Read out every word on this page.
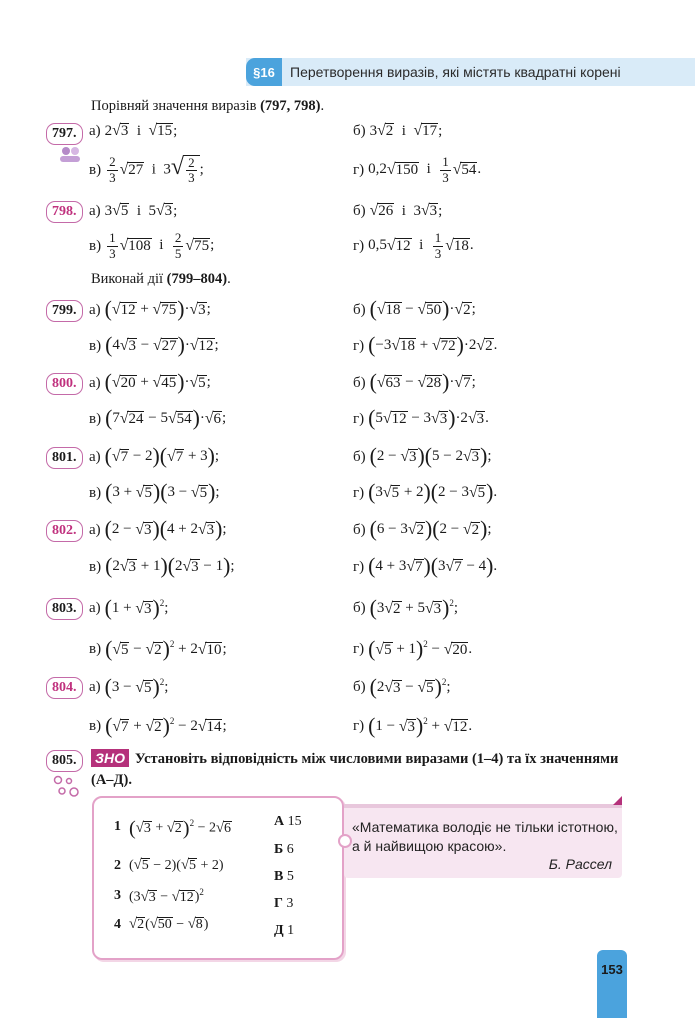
§16	Перетворення виразів, які містять квадратні корені
Порівняй значення виразів (797, 798).
797. а) 2 √ 3 і √ 15 ;	б) 3 √ 2 і √ 17 ;
$в) \frac{2}{3}$ √ 27 і  3 √ $\frac{2}{3}$ ;	г) 0,2 √ 150 і $\frac{1}{3}$ √ 54 .
798. а) 3 √ 5 і  5 √ 3 ;	б) √ 26 і  3 √ 3 ;
$в) \frac{1}{3}$ √ 108 і $\frac{2}{5}$ √ 75 ;	г) 0,5 √ 12 і $\frac{1}{3}$ √ 18 .
Виконай дії (799–804).
799. а) ( √ 12 + √ 75 )· √ 3 ;	б) ( √ 18 − √ 50 )· √ 2 ;
в) (4 √ 3 − √ 27 )· √ 12 ;	г) (−3 √ 18 + √ 72 )·2 √ 2 .
800. а) ( √ 20 + √ 45 )· √ 5 ;	б) ( √ 63 − √ 28 )· √ 7 ;
в) (7 √ 24 − 5 √ 54 )· √ 6 ;	г) (5 √ 12 − 3 √ 3 )·2 √ 3 .
801. а) ( √ 7 − 2)( √ 7 + 3);	б) (2 − √ 3 )(5 − 2 √ 3 );
в) (3 + √ 5 )(3 − √ 5 );	г) (3 √ 5 + 2)(2 − 3 √ 5 ).
802. а) (2 − √ 3 )(4 + 2 √ 3 );	б) (6 − 3 √ 2 )(2 − √ 2 );
в) (2 √ 3 + 1)(2 √ 3 − 1);	г) (4 + 3 √ 7 )(3 √ 7 − 4).
803. а) (1 + √ 3 )$^2$;	б) (3 √ 2 + 5 √ 3 )$^2$;
в) ( √ 5 − √ 2 )$^2$ + 2 √ 10 ;	г) ( √ 5 + 1)$^2$ − √ 20 .
804. а) (3 − √ 5 )$^2$;	б) (2 √ 3 − √ 5 )$^2$;
в) ( √ 7 + √ 2 )$^2$ − 2 √ 14 ;	г) (1 − √ 3 )$^2$ + √ 12 .
805.	ЗНО Установіть відповідність між числовими виразами (1–4) та їх значеннями (А–Д).
1 ( √ 3 + √ 2 )$^2$ − 2 √ 6
2 ( √ 5 − 2)( √ 5 + 2)
3 (3 √ 3 − √ 12 )$^2$
4 √ 2 ( √ 50 − √ 8 )
А 15
Б 6
В 5
Г 3
Д 1
«Математика володіє не тільки істотною, а й найвищою красою».
Б. Рассел
153
